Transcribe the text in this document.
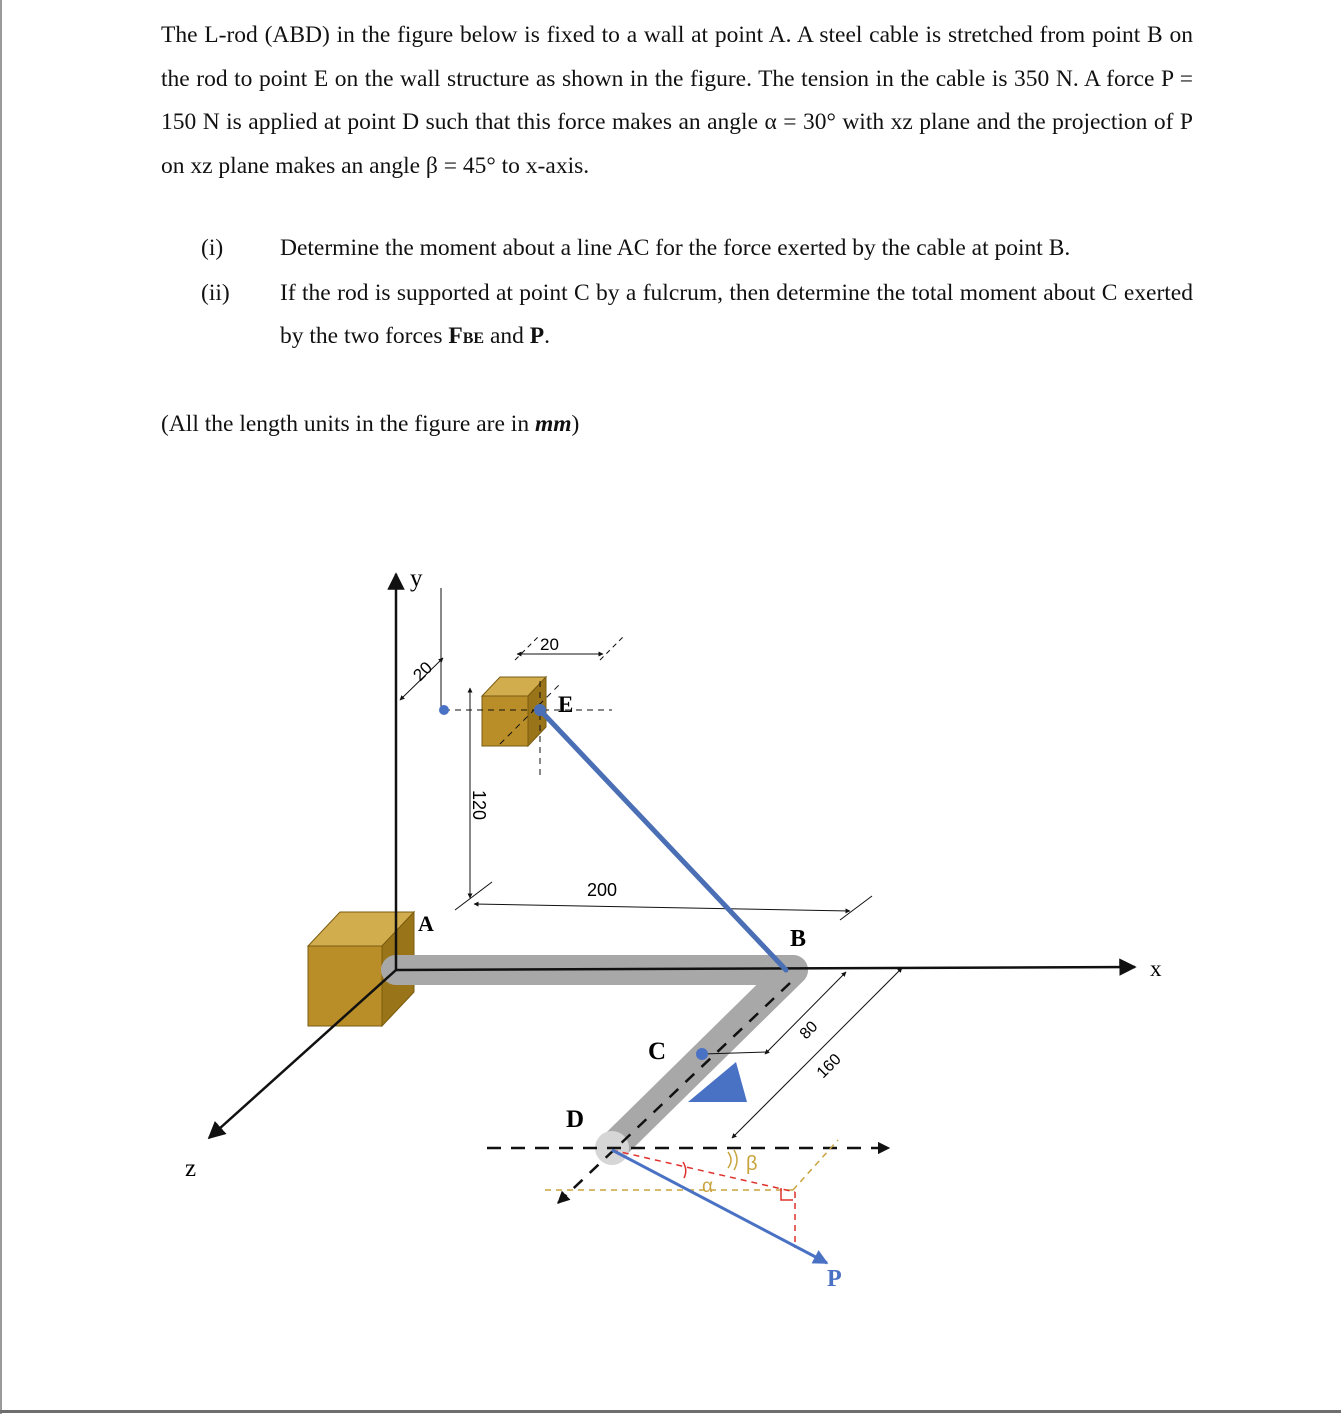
The L-rod (ABD) in the figure below is fixed to a wall at point A. A steel cable is stretched from point B on the rod to point E on the wall structure as shown in the figure. The tension in the cable is 350 N. A force P = 150 N is applied at point D such that this force makes an angle α = 30° with xz plane and the projection of P on xz plane makes an angle β = 45° to x-axis.
(i) Determine the moment about a line AC for the force exerted by the cable at point B.
(ii) If the rod is supported at point C by a fulcrum, then determine the total moment about C exerted by the two forces FBE and P.
(All the length units in the figure are in mm)
y
x
z
A
B
C
D
E
P
α
β
20
20
120
200
80
160
